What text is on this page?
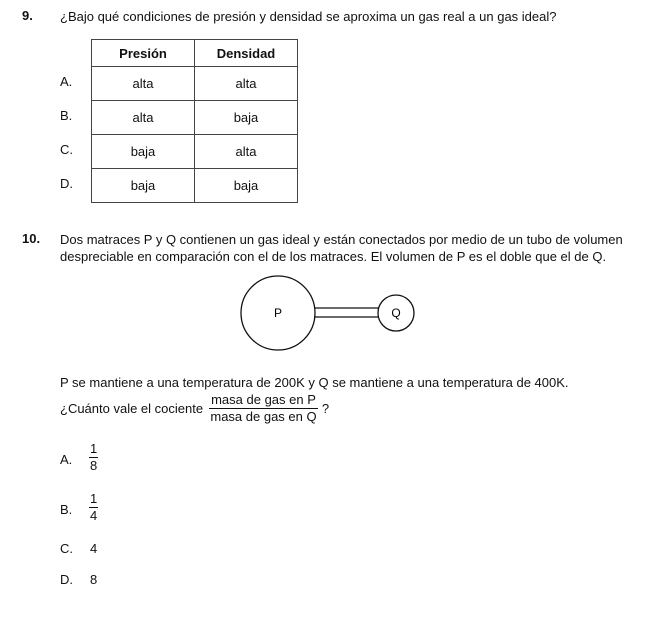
9. ¿Bajo qué condiciones de presión y densidad se aproxima un gas real a un gas ideal?
Presión	Densidad
alta	alta
alta	baja
baja	alta
baja	baja
A.
B.
C.
D.
10. Dos matraces P y Q contienen un gas ideal y están conectados por medio de un tubo de volumen
despreciable en comparación con el de los matraces. El volumen de P es el doble que el de Q.
P	Q
P se mantiene a una temperatura de 200K y Q se mantiene a una temperatura de 400K.
¿Cuánto vale el cociente $\frac{\text{masa de gas en P}}{\text{masa de gas en Q}}$ ?
A. $\frac{1}{8}$
B. $\frac{1}{4}$
C. 4
D. 8
